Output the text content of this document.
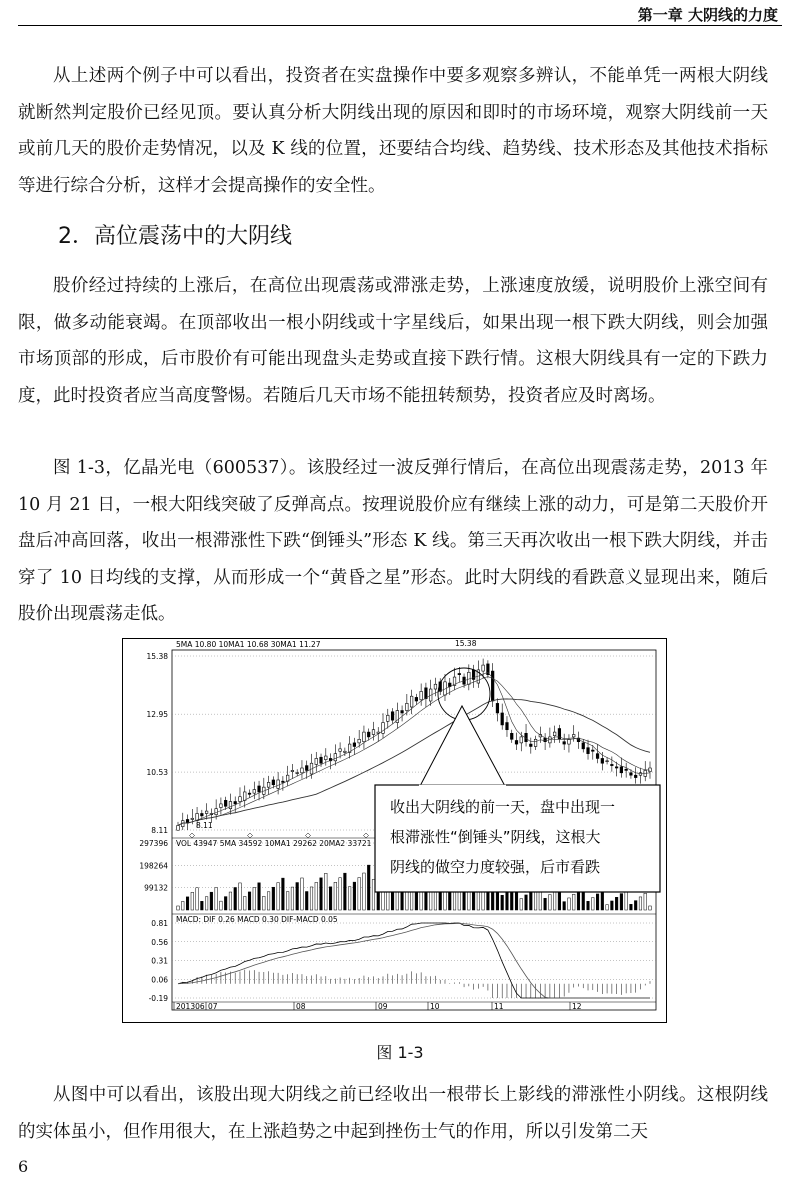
第一章 大阴线的力度

从上述两个例子中可以看出，投资者在实盘操作中要多观察多辨认，不能单凭一两根大阴线就断然判定股价已经见顶。要认真分析大阴线出现的原因和即时的市场环境，观察大阴线前一天或前几天的股价走势情况，以及 K 线的位置，还要结合均线、趋势线、技术形态及其他技术指标等进行综合分析，这样才会提高操作的安全性。

2．高位震荡中的大阴线

股价经过持续的上涨后，在高位出现震荡或滞涨走势，上涨速度放缓，说明股价上涨空间有限，做多动能衰竭。在顶部收出一根小阴线或十字星线后，如果出现一根下跌大阴线，则会加强市场顶部的形成，后市股价有可能出现盘头走势或直接下跌行情。这根大阴线具有一定的下跌力度，此时投资者应当高度警惕。若随后几天市场不能扭转颓势，投资者应及时离场。

图 1-3，亿晶光电（600537）。该股经过一波反弹行情后，在高位出现震荡走势，2013 年 10 月 21 日，一根大阳线突破了反弹高点。按理说股价应有继续上涨的动力，可是第二天股价开盘后冲高回落，收出一根滞涨性下跌“倒锤头”形态 K 线。第三天再次收出一根下跌大阴线，并击穿了 10 日均线的支撑，从而形成一个“黄昏之星”形态。此时大阴线的看跌意义显现出来，随后股价出现震荡走低。

5MA 10.80 10MA1 10.68 30MA1 11.27
15.38
12.95
10.53
8.11
15.38
8.11
VOL 43947 5MA 34592 10MA1 29262 20MA2 33721
297396
198264
99132
MACD: DIF 0.26 MACD 0.30 DIF-MACD 0.05
0.81
0.56
0.31
0.06
-0.19
201306 07	08	09	10	11	12
收出大阴线的前一天，盘中出现一
根滞涨性“倒锤头”阴线，这根大
阴线的做空力度较强，后市看跌
图 1-3

从图中可以看出，该股出现大阴线之前已经收出一根带长上影线的滞涨性小阴线。这根阴线的实体虽小，但作用很大，在上涨趋势之中起到挫伤士气的作用，所以引发第二天

6
